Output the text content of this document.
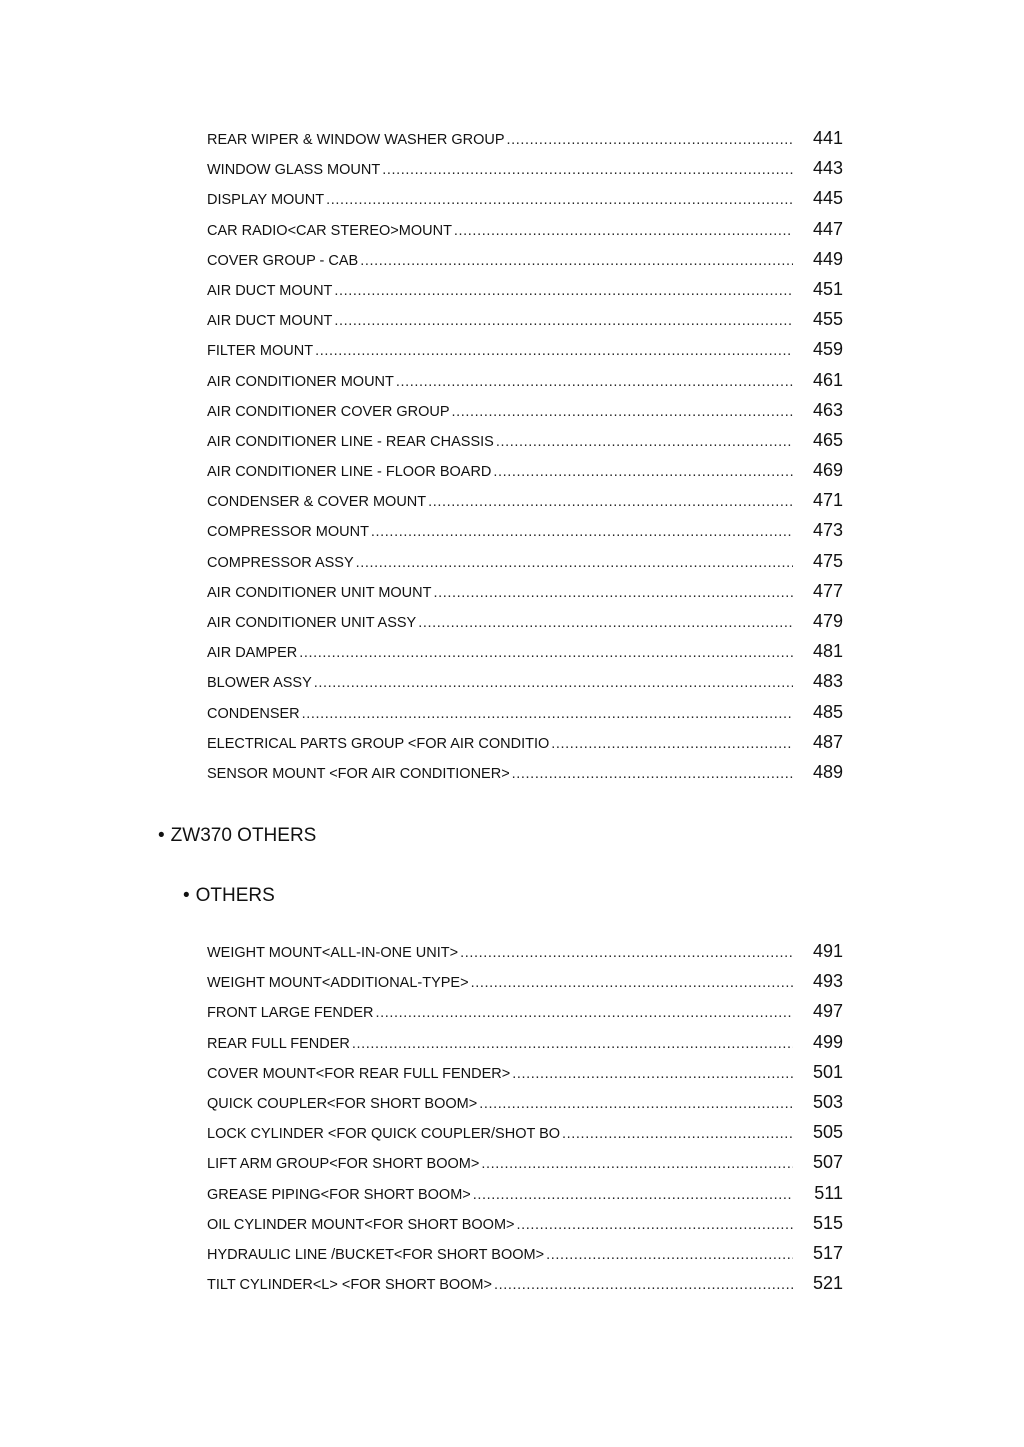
REAR WIPER & WINDOW WASHER GROUP .....	441
WINDOW GLASS MOUNT .....	443
DISPLAY MOUNT .....	445
CAR RADIO<CAR STEREO>MOUNT .....	447
COVER GROUP - CAB .....	449
AIR DUCT MOUNT .....	451
AIR DUCT MOUNT .....	455
FILTER MOUNT .....	459
AIR CONDITIONER MOUNT .....	461
AIR CONDITIONER COVER GROUP .....	463
AIR CONDITIONER LINE - REAR CHASSIS .....	465
AIR CONDITIONER LINE - FLOOR BOARD .....	469
CONDENSER & COVER MOUNT .....	471
COMPRESSOR MOUNT .....	473
COMPRESSOR ASSY .....	475
AIR CONDITIONER UNIT MOUNT .....	477
AIR CONDITIONER UNIT ASSY .....	479
AIR DAMPER .....	481
BLOWER ASSY .....	483
CONDENSER .....	485
ELECTRICAL PARTS GROUP <FOR AIR CONDITIO .....	487
SENSOR MOUNT <FOR AIR CONDITIONER> .....	489
• ZW370 OTHERS
• OTHERS
WEIGHT MOUNT<ALL-IN-ONE UNIT> .....	491
WEIGHT MOUNT<ADDITIONAL-TYPE> .....	493
FRONT LARGE FENDER .....	497
REAR FULL FENDER .....	499
COVER MOUNT<FOR REAR FULL FENDER> .....	501
QUICK COUPLER<FOR SHORT BOOM> .....	503
LOCK CYLINDER <FOR QUICK COUPLER/SHOT BO .....	505
LIFT ARM GROUP<FOR SHORT BOOM> .....	507
GREASE PIPING<FOR SHORT BOOM> .....	511
OIL CYLINDER MOUNT<FOR SHORT BOOM> .....	515
HYDRAULIC LINE /BUCKET<FOR SHORT BOOM> .....	517
TILT CYLINDER<L> <FOR SHORT BOOM> .....	521
